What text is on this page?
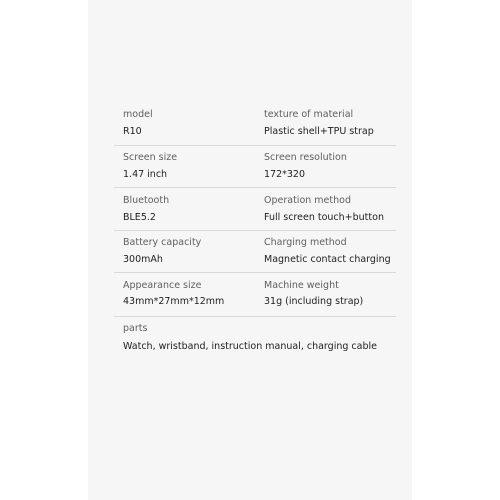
model
R10
texture of material
Plastic shell+TPU strap
Screen size
1.47 inch
Screen resolution
172*320
Bluetooth
BLE5.2
Operation method
Full screen touch+button
Battery capacity
300mAh
Charging method
Magnetic contact charging
Appearance size
43mm*27mm*12mm
Machine weight
31g (including strap)
parts
Watch, wristband, instruction manual, charging cable
